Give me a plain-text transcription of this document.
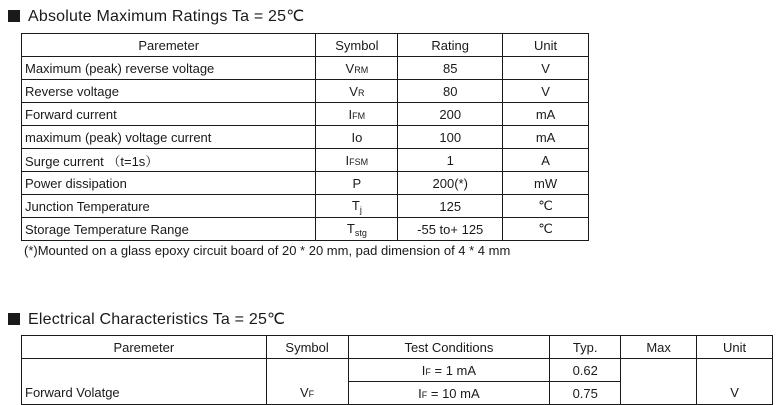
Absolute Maximum Ratings Ta = 25℃
Paremeter	Symbol	Rating	Unit
Maximum (peak) reverse voltage	VRM	85	V
Reverse voltage	VR	80	V
Forward current	IFM	200	mA
maximum (peak) voltage current	Io	100	mA
Surge current （t=1s）	IFSM	1	A
Power dissipation	P	200(*)	mW
Junction Temperature	$T_j$	125	℃
Storage Temperature Range	$T_{stg}$	-55 to+ 125	℃
(*)Mounted on a glass epoxy circuit board of 20 * 20 mm, pad dimension of 4 * 4 mm
Electrical Characteristics Ta = 25℃
Paremeter	Symbol	Test Conditions	Typ.	Max	Unit
		IF = 1 mA	0.62		
Forward Volatge	VF	IF = 10 mA	0.75		V
